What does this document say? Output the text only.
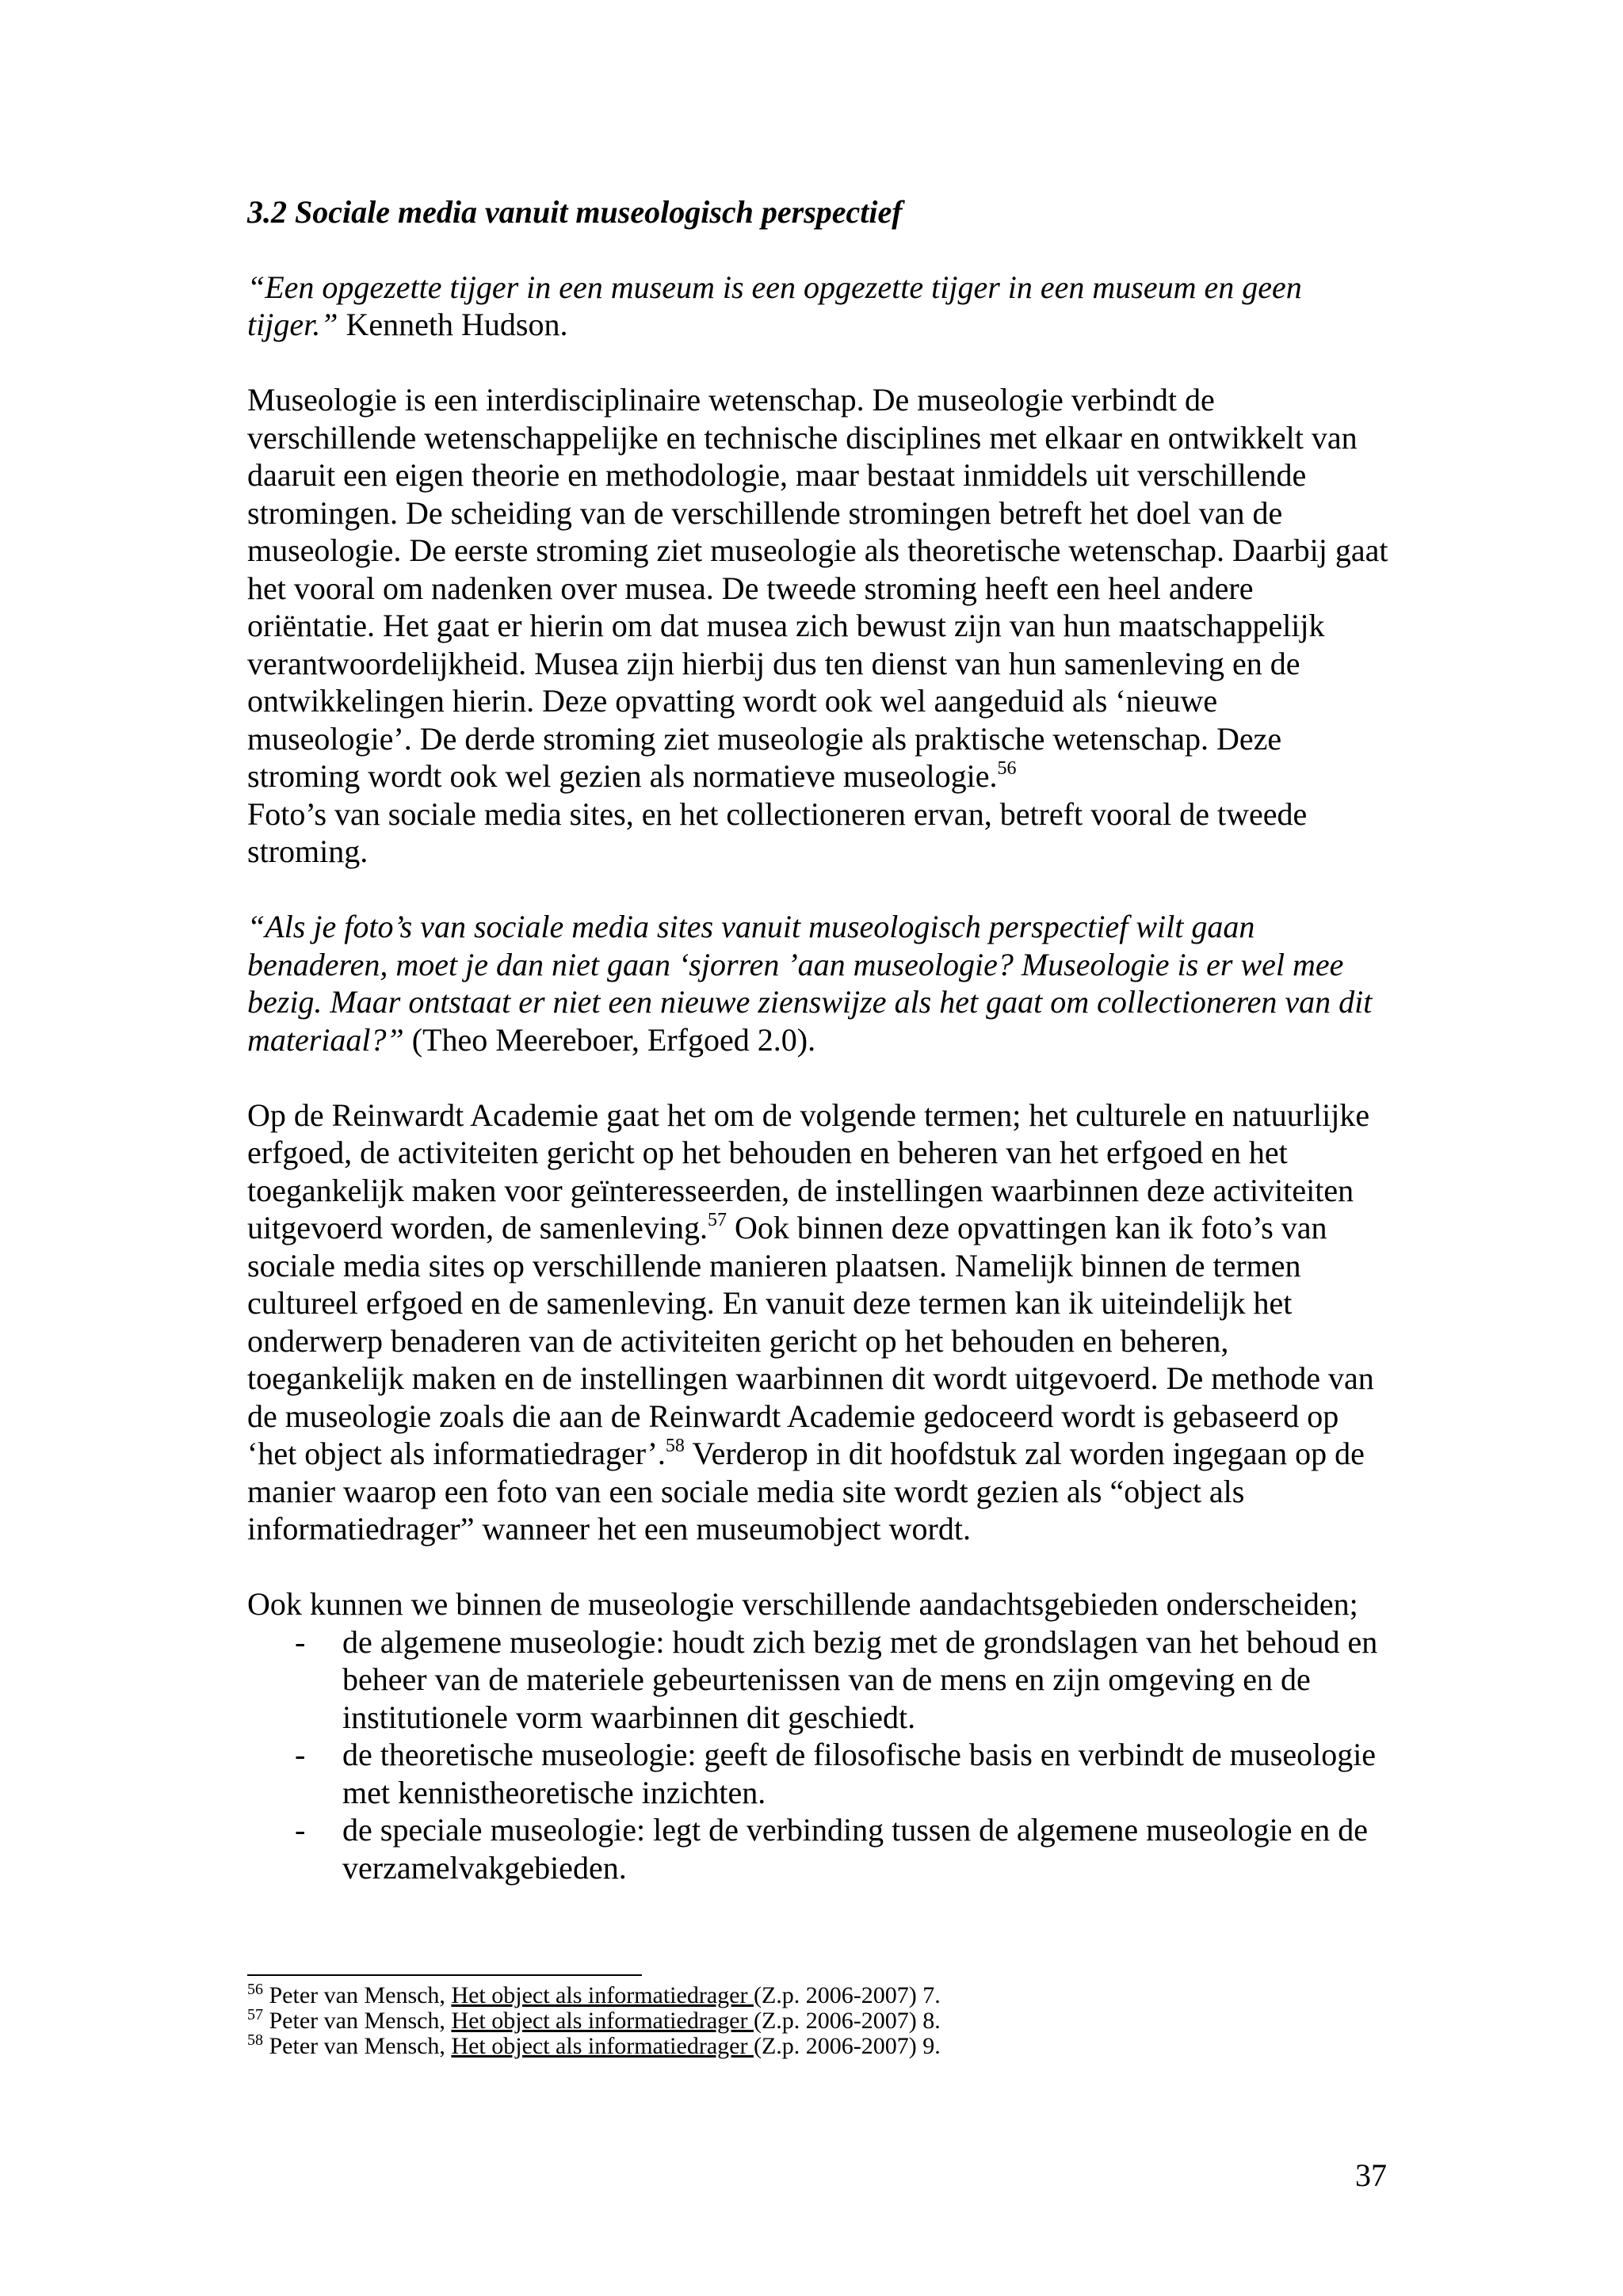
3.2 Sociale media vanuit museologisch perspectief

“Een opgezette tijger in een museum is een opgezette tijger in een museum en geen tijger.” Kenneth Hudson.

Museologie is een interdisciplinaire wetenschap. De museologie verbindt de verschillende wetenschappelijke en technische disciplines met elkaar en ontwikkelt van daaruit een eigen theorie en methodologie, maar bestaat inmiddels uit verschillende stromingen. De scheiding van de verschillende stromingen betreft het doel van de museologie. De eerste stroming ziet museologie als theoretische wetenschap. Daarbij gaat het vooral om nadenken over musea. De tweede stroming heeft een heel andere oriëntatie. Het gaat er hierin om dat musea zich bewust zijn van hun maatschappelijk verantwoordelijkheid. Musea zijn hierbij dus ten dienst van hun samenleving en de ontwikkelingen hierin. Deze opvatting wordt ook wel aangeduid als ‘nieuwe museologie’. De derde stroming ziet museologie als praktische wetenschap. Deze stroming wordt ook wel gezien als normatieve museologie.$^{56}$
Foto’s van sociale media sites, en het collectioneren ervan, betreft vooral de tweede stroming.

“Als je foto’s van sociale media sites vanuit museologisch perspectief wilt gaan benaderen, moet je dan niet gaan ‘sjorren ’aan museologie? Museologie is er wel mee bezig. Maar ontstaat er niet een nieuwe zienswijze als het gaat om collectioneren van dit materiaal?” (Theo Meereboer, Erfgoed 2.0).

Op de Reinwardt Academie gaat het om de volgende termen; het culturele en natuurlijke erfgoed, de activiteiten gericht op het behouden en beheren van het erfgoed en het toegankelijk maken voor geïnteresseerden, de instellingen waarbinnen deze activiteiten uitgevoerd worden, de samenleving.$^{57}$ Ook binnen deze opvattingen kan ik foto’s van sociale media sites op verschillende manieren plaatsen. Namelijk binnen de termen cultureel erfgoed en de samenleving. En vanuit deze termen kan ik uiteindelijk het onderwerp benaderen van de activiteiten gericht op het behouden en beheren, toegankelijk maken en de instellingen waarbinnen dit wordt uitgevoerd. De methode van de museologie zoals die aan de Reinwardt Academie gedoceerd wordt is gebaseerd op ‘het object als informatiedrager’.$^{58}$ Verderop in dit hoofdstuk zal worden ingegaan op de manier waarop een foto van een sociale media site wordt gezien als “object als informatiedrager” wanneer het een museumobject wordt.

Ook kunnen we binnen de museologie verschillende aandachtsgebieden onderscheiden;
- de algemene museologie: houdt zich bezig met de grondslagen van het behoud en beheer van de materiele gebeurtenissen van de mens en zijn omgeving en de institutionele vorm waarbinnen dit geschiedt.
- de theoretische museologie: geeft de filosofische basis en verbindt de museologie met kennistheoretische inzichten.
- de speciale museologie: legt de verbinding tussen de algemene museologie en de verzamelvakgebieden.
$^{56}$ Peter van Mensch, Het object als informatiedrager (Z.p. 2006-2007) 7.
$^{57}$ Peter van Mensch, Het object als informatiedrager (Z.p. 2006-2007) 8.
$^{58}$ Peter van Mensch, Het object als informatiedrager (Z.p. 2006-2007) 9.
37
